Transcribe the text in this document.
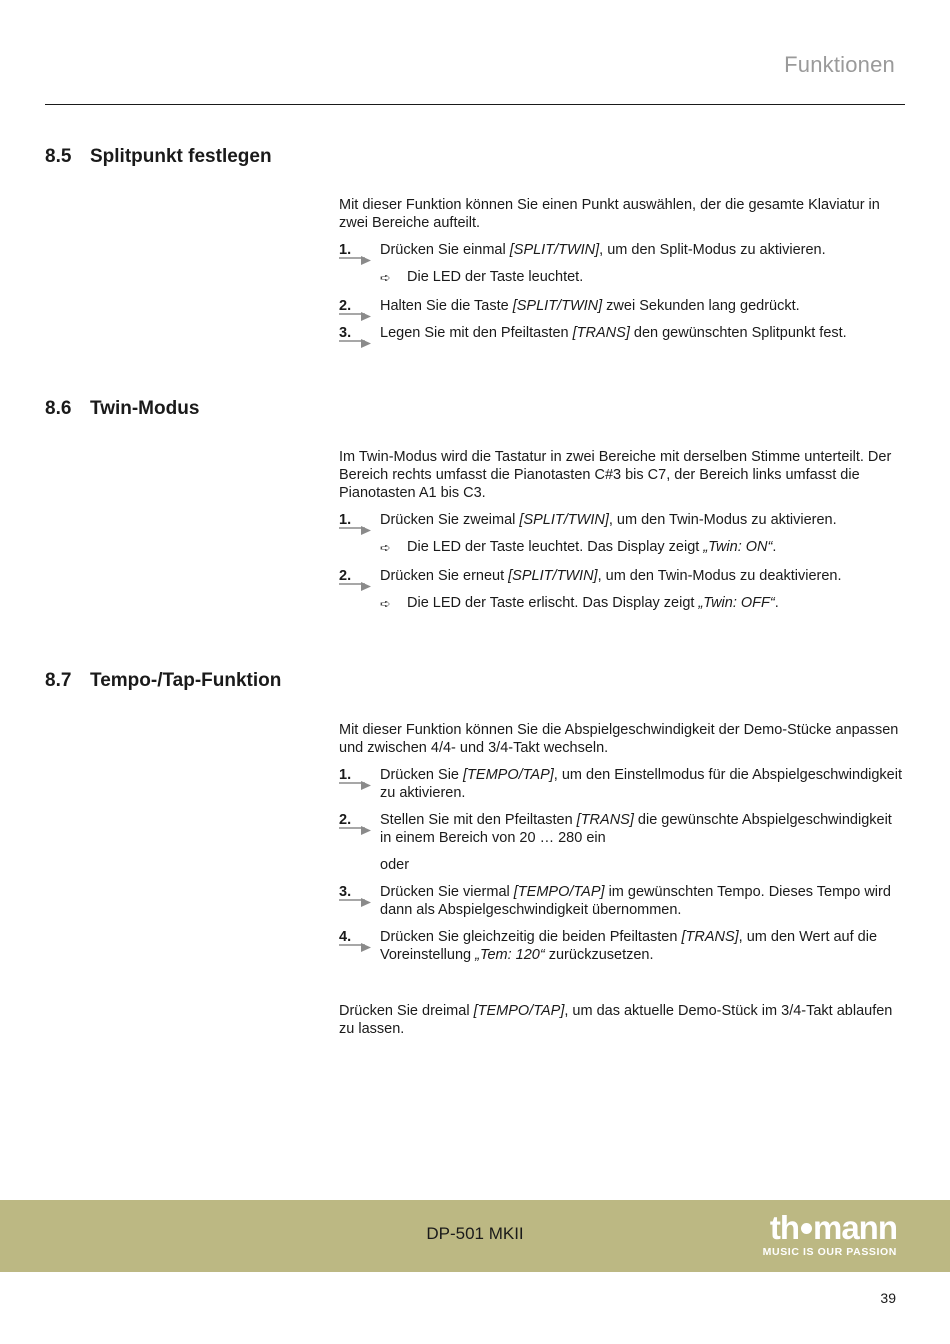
Funktionen
8.5 Splitpunkt festlegen

Mit dieser Funktion können Sie einen Punkt auswählen, der die gesamte Klaviatur in zwei Bereiche aufteilt.

1.	Drücken Sie einmal [SPLIT/TWIN], um den Split-Modus zu aktivieren.
➪ Die LED der Taste leuchtet.
2.	Halten Sie die Taste [SPLIT/TWIN] zwei Sekunden lang gedrückt.
3.	Legen Sie mit den Pfeiltasten [TRANS] den gewünschten Splitpunkt fest.
8.6 Twin-Modus

Im Twin-Modus wird die Tastatur in zwei Bereiche mit derselben Stimme unterteilt. Der Bereich rechts umfasst die Pianotasten C#3 bis C7, der Bereich links umfasst die Pianotasten A1 bis C3.

1.	Drücken Sie zweimal [SPLIT/TWIN], um den Twin-Modus zu aktivieren.
➪ Die LED der Taste leuchtet. Das Display zeigt „Twin: ON“.
2.	Drücken Sie erneut [SPLIT/TWIN], um den Twin-Modus zu deaktivieren.
➪ Die LED der Taste erlischt. Das Display zeigt „Twin: OFF“.
8.7 Tempo-/Tap-Funktion

Mit dieser Funktion können Sie die Abspielgeschwindigkeit der Demo-Stücke anpassen und zwischen 4/4- und 3/4-Takt wechseln.

1.	Drücken Sie [TEMPO/TAP], um den Einstellmodus für die Abspielgeschwindigkeit zu aktivieren.
2.	Stellen Sie mit den Pfeiltasten [TRANS] die gewünschte Abspielgeschwindigkeit in einem Bereich von 20 … 280 ein
oder
3.	Drücken Sie viermal [TEMPO/TAP] im gewünschten Tempo. Dieses Tempo wird dann als Abspielgeschwindigkeit übernommen.
4.	Drücken Sie gleichzeitig die beiden Pfeiltasten [TRANS], um den Wert auf die Voreinstellung „Tem: 120“ zurückzusetzen.

Drücken Sie dreimal [TEMPO/TAP], um das aktuelle Demo-Stück im 3/4-Takt ablaufen zu lassen.

DP-501 MKII	th mann
MUSIC IS OUR PASSION
39
